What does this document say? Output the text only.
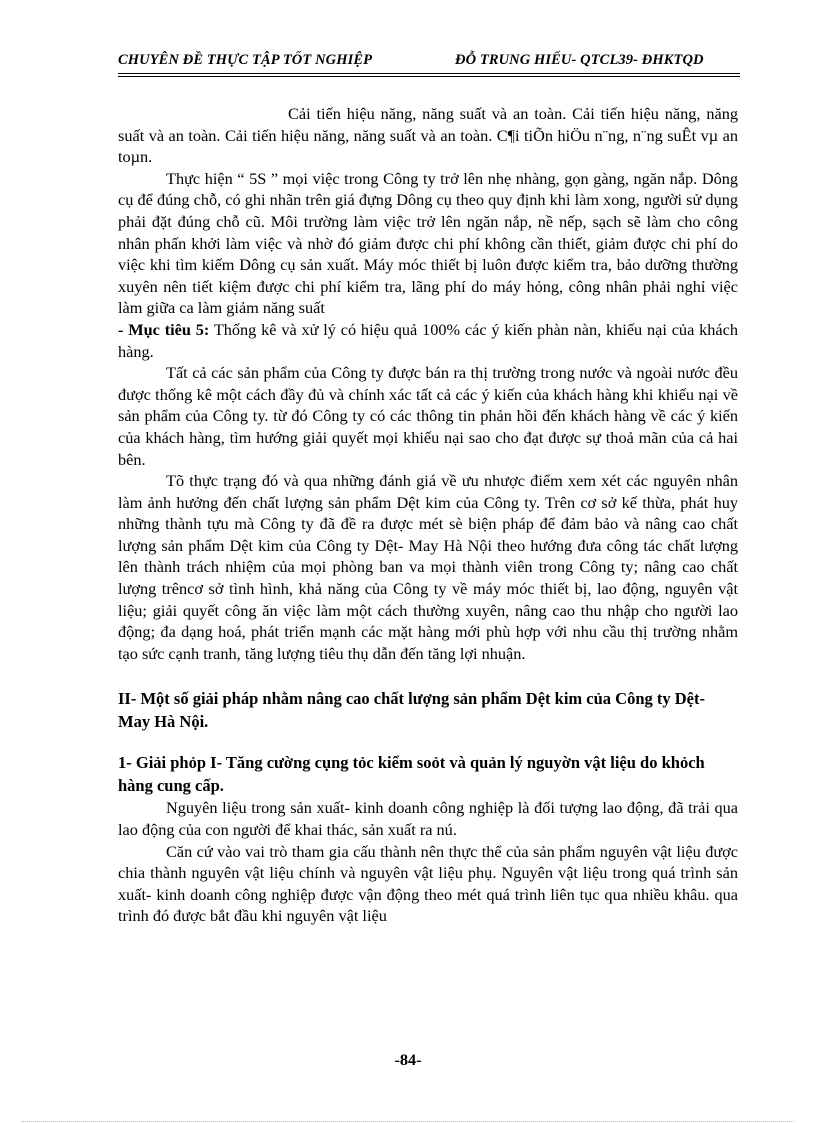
CHUYÊN ĐỀ THỰC TẬP TỐT NGHIỆP	ĐỖ TRUNG HIẾU- QTCL39- ĐHKTQD

Cải tiến hiệu năng, năng suất và an toàn. Cải tiến hiệu năng, năng suất và an toàn. Cải tiến hiệu năng, năng suất và an toàn. C¶i tiÕn hiÖu n¨ng, n¨ng suÊt vµ an toµn.

Thực hiện “ 5S ” mọi việc trong Công ty trở lên nhẹ nhàng, gọn gàng, ngăn nắp. Dông cụ để đúng chỗ, có ghi nhãn trên giá đựng Dông cụ theo quy định khi làm xong, người sử dụng phải đặt đúng chỗ cũ. Môi trường làm việc trở lên ngăn nắp, nề nếp, sạch sẽ làm cho công nhân phấn khởi làm việc và nhờ đó giảm được chi phí không cần thiết, giảm được chi phí do việc khi tìm kiếm Dông cụ sản xuất. Máy móc thiết bị luôn được kiểm tra, bảo dưỡng thường xuyên nên tiết kiệm được chi phí kiểm tra, lãng phí do máy hỏng, công nhân phải nghỉ việc làm giữa ca làm giảm năng suất

- Mục tiêu 5: Thống kê và xử lý có hiệu quả 100% các ý kiến phàn nàn, khiếu nại của khách hàng.

Tất cả các sản phẩm của Công ty được bán ra thị trường trong nước và ngoài nước đều được thống kê một cách đầy đủ và chính xác tất cả các ý kiến của khách hàng khi khiếu nại về sản phẩm của Công ty. từ đó Công ty có các thông tin phản hồi đến khách hàng về các ý kiến của khách hàng, tìm hướng giải quyết mọi khiếu nại sao cho đạt được sự thoả mãn của cả hai bên.

Tõ thực trạng đó và qua những đánh giá về ưu nhược điểm xem xét các nguyên nhân làm ảnh hưởng đến chất lượng sản phẩm Dệt kim của Công ty. Trên cơ sở kế thừa, phát huy những thành tựu mà Công ty đã đề ra được mét sè biện pháp để đảm bảo và nâng cao chất lượng sản phẩm Dệt kim của Công ty Dệt- May Hà Nội theo hướng đưa công tác chất lượng lên thành trách nhiệm của mọi phòng ban va mọi thành viên trong Công ty; nâng cao chất lượng trêncơ sở tình hình, khả năng của Công ty về máy móc thiết bị, lao động, nguyên vật liệu; giải quyết công ăn việc làm một cách thường xuyên, nâng cao thu nhập cho người lao động; đa dạng hoá, phát triển mạnh các mặt hàng mới phù hợp với nhu cầu thị trường nhằm tạo sức cạnh tranh, tăng lượng tiêu thụ dẫn đến tăng lợi nhuận.

II- Một số giải pháp nhằm nâng cao chất lượng sản phẩm Dệt kim của Công ty Dệt- May Hà Nội.

1- Giải phỏp I- Tăng cường cụng tỏc kiểm soỏt và quản lý nguyờn vật liệu do khỏch hàng cung cấp.

Nguyên liệu trong sản xuất- kinh doanh công nghiệp là đối tượng lao động, đã trải qua lao động của con người để khai thác, sản xuất ra nú.

Căn cứ vào vai trò tham gia cấu thành nên thực thể của sản phẩm nguyên vật liệu được chia thành nguyên vật liệu chính và nguyên vật liệu phụ. Nguyên vật liệu trong quá trình sản xuất- kinh doanh công nghiệp được vận động theo mét quá trình liên tục qua nhiều khâu. qua trình đó được bắt đầu khi nguyên vật liệu

-84-
